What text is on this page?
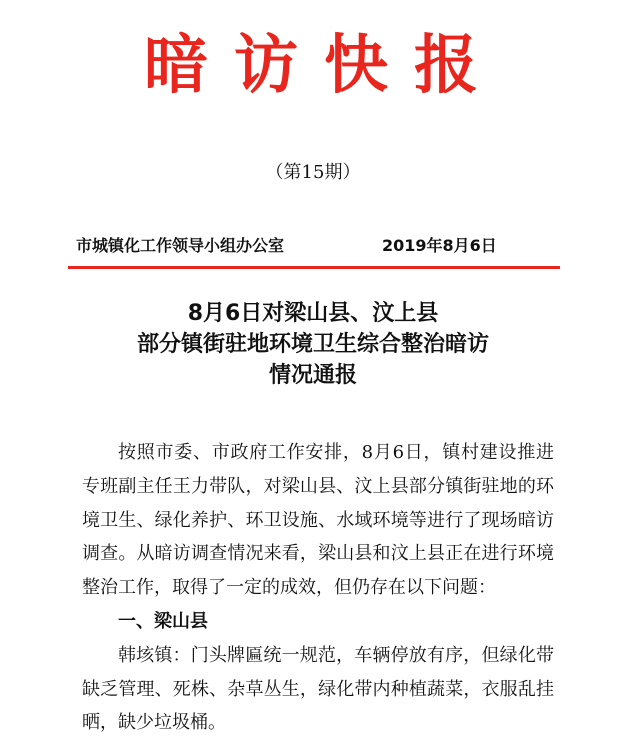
暗访快报
（第15期）
市城镇化工作领导小组办公室	2019年8月6日
8月6日对梁山县、汶上县
部分镇街驻地环境卫生综合整治暗访
情况通报

按照市委、市政府工作安排，8月6日，镇村建设推进专班副主任王力带队，对梁山县、汶上县部分镇街驻地的环境卫生、绿化养护、环卫设施、水域环境等进行了现场暗访调查。从暗访调查情况来看，梁山县和汶上县正在进行环境整治工作，取得了一定的成效，但仍存在以下问题：

一、梁山县

韩垓镇：门头牌匾统一规范，车辆停放有序，但绿化带缺乏管理、死株、杂草丛生，绿化带内种植蔬菜，衣服乱挂晒，缺少垃圾桶。
